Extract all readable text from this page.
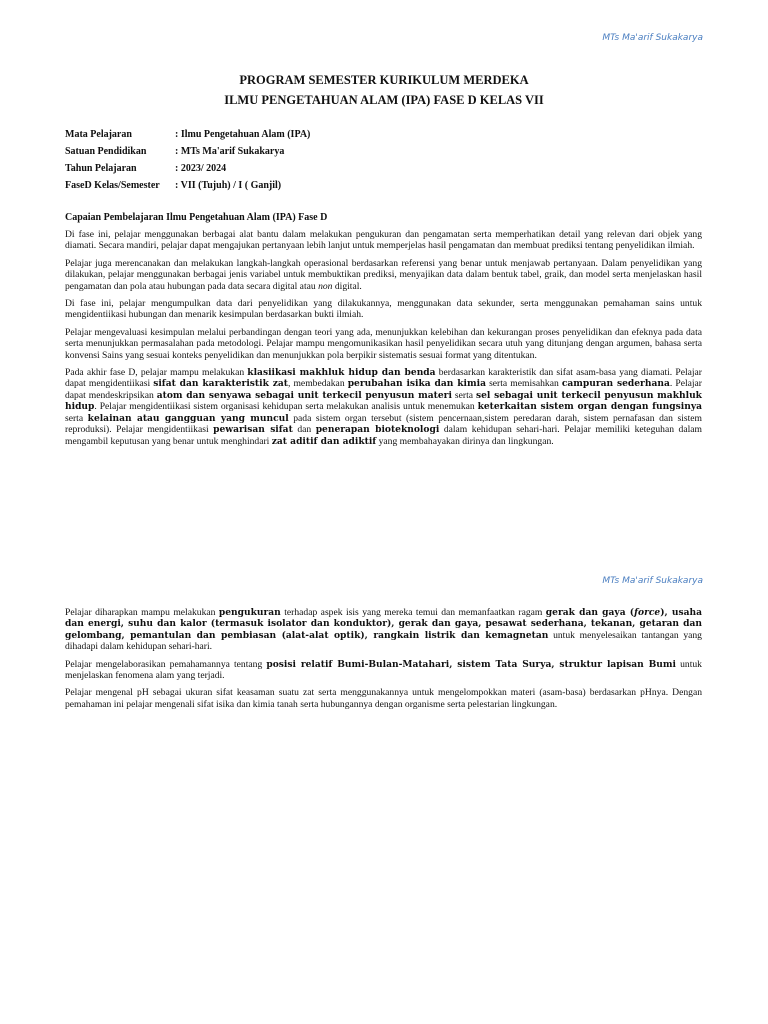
MTs Ma'arif Sukakarya
PROGRAM SEMESTER KURIKULUM MERDEKA
ILMU PENGETAHUAN ALAM (IPA) FASE D KELAS VII
Mata Pelajaran	: Ilmu Pengetahuan Alam (IPA)
Satuan Pendidikan	: MTs Ma'arif Sukakarya
Tahun Pelajaran	: 2023/ 2024
FaseD Kelas/Semester	: VII (Tujuh) / I ( Ganjil)
Capaian Pembelajaran Ilmu Pengetahuan Alam (IPA) Fase D

Di fase ini, pelajar menggunakan berbagai alat bantu dalam melakukan pengukuran dan pengamatan serta memperhatikan detail yang relevan dari objek yang diamati. Secara mandiri, pelajar dapat mengajukan pertanyaan lebih lanjut untuk memperjelas hasil pengamatan dan membuat prediksi tentang penyelidikan ilmiah.

Pelajar juga merencanakan dan melakukan langkah-langkah operasional berdasarkan referensi yang benar untuk menjawab pertanyaan. Dalam penyelidikan yang dilakukan, pelajar menggunakan berbagai jenis variabel untuk membuktikan prediksi, menyajikan data dalam bentuk tabel, graik, dan model serta menjelaskan hasil pengamatan dan pola atau hubungan pada data secara digital atau non digital.

Di fase ini, pelajar mengumpulkan data dari penyelidikan yang dilakukannya, menggunakan data sekunder, serta menggunakan pemahaman sains untuk mengidentiikasi hubungan dan menarik kesimpulan berdasarkan bukti ilmiah.

Pelajar mengevaluasi kesimpulan melalui perbandingan dengan teori yang ada, menunjukkan kelebihan dan kekurangan proses penyelidikan dan efeknya pada data serta menunjukkan permasalahan pada metodologi. Pelajar mampu mengomunikasikan hasil penyelidikan secara utuh yang ditunjang dengan argumen, bahasa serta konvensi Sains yang sesuai konteks penyelidikan dan menunjukkan pola berpikir sistematis sesuai format yang ditentukan.

Pada akhir fase D, pelajar mampu melakukan klasiikasi makhluk hidup dan benda berdasarkan karakteristik dan sifat asam-basa yang diamati. Pelajar dapat mengidentiikasi sifat dan karakteristik zat, membedakan perubahan isika dan kimia serta memisahkan campuran sederhana. Pelajar dapat mendeskripsikan atom dan senyawa sebagai unit terkecil penyusun materi serta sel sebagai unit terkecil penyusun makhluk hidup. Pelajar mengidentiikasi sistem organisasi kehidupan serta melakukan analisis untuk menemukan keterkaitan sistem organ dengan fungsinya serta kelainan atau gangguan yang muncul pada sistem organ tersebut (sistem pencernaan,sistem peredaran darah, sistem pernafasan dan sistem reproduksi). Pelajar mengidentiikasi pewarisan sifat dan penerapan bioteknologi dalam kehidupan sehari-hari. Pelajar memiliki keteguhan dalam mengambil keputusan yang benar untuk menghindari zat aditif dan adiktif yang membahayakan dirinya dan lingkungan.

MTs Ma'arif Sukakarya

Pelajar diharapkan mampu melakukan pengukuran terhadap aspek isis yang mereka temui dan memanfaatkan ragam gerak dan gaya (force), usaha dan energi, suhu dan kalor (termasuk isolator dan konduktor), gerak dan gaya, pesawat sederhana, tekanan, getaran dan gelombang, pemantulan dan pembiasan (alat-alat optik), rangkain listrik dan kemagnetan untuk menyelesaikan tantangan yang dihadapi dalam kehidupan sehari-hari.

Pelajar mengelaborasikan pemahamannya tentang posisi relatif Bumi-Bulan-Matahari, sistem Tata Surya, struktur lapisan Bumi untuk menjelaskan fenomena alam yang terjadi.

Pelajar mengenal pH sebagai ukuran sifat keasaman suatu zat serta menggunakannya untuk mengelompokkan materi (asam-basa) berdasarkan pHnya. Dengan pemahaman ini pelajar mengenali sifat isika dan kimia tanah serta hubungannya dengan organisme serta pelestarian lingkungan.
